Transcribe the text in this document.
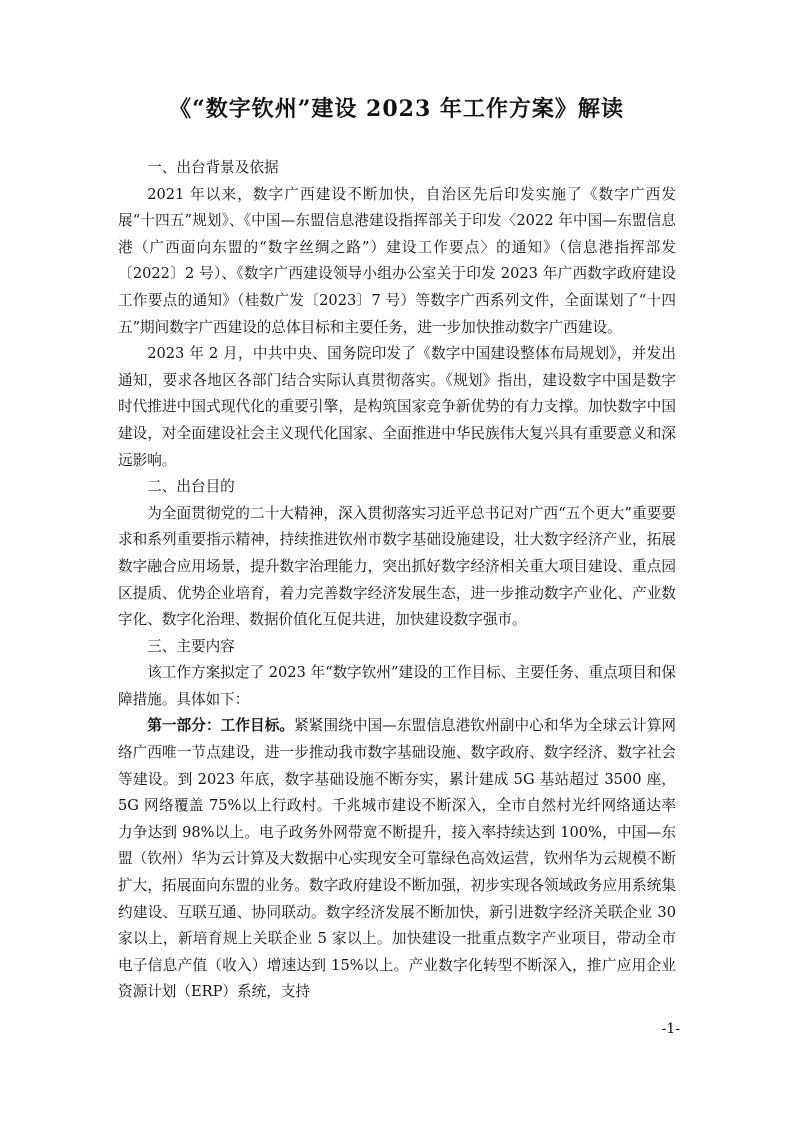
《“数字钦州”建设 2023 年工作方案》解读

一、出台背景及依据

2021 年以来，数字广西建设不断加快，自治区先后印发实施了《数字广西发展“十四五”规划》、《中国—东盟信息港建设指挥部关于印发〈2022 年中国—东盟信息港（广西面向东盟的“数字丝绸之路”）建设工作要点〉的通知》（信息港指挥部发〔2022〕2 号）、《数字广西建设领导小组办公室关于印发 2023 年广西数字政府建设工作要点的通知》（桂数广发〔2023〕7 号）等数字广西系列文件，全面谋划了“十四五”期间数字广西建设的总体目标和主要任务，进一步加快推动数字广西建设。

2023 年 2 月，中共中央、国务院印发了《数字中国建设整体布局规划》，并发出通知，要求各地区各部门结合实际认真贯彻落实。《规划》指出，建设数字中国是数字时代推进中国式现代化的重要引擎，是构筑国家竞争新优势的有力支撑。加快数字中国建设，对全面建设社会主义现代化国家、全面推进中华民族伟大复兴具有重要意义和深远影响。

二、出台目的

为全面贯彻党的二十大精神，深入贯彻落实习近平总书记对广西“五个更大”重要要求和系列重要指示精神，持续推进钦州市数字基础设施建设，壮大数字经济产业，拓展数字融合应用场景，提升数字治理能力，突出抓好数字经济相关重大项目建设、重点园区提质、优势企业培育，着力完善数字经济发展生态，进一步推动数字产业化、产业数字化、数字化治理、数据价值化互促共进，加快建设数字强市。

三、主要内容

该工作方案拟定了 2023 年“数字钦州”建设的工作目标、主要任务、重点项目和保障措施。具体如下：

第一部分：工作目标。紧紧围绕中国—东盟信息港钦州副中心和华为全球云计算网络广西唯一节点建设，进一步推动我市数字基础设施、数字政府、数字经济、数字社会等建设。到 2023 年底，数字基础设施不断夯实，累计建成 5G 基站超过 3500 座，5G 网络覆盖 75%以上行政村。千兆城市建设不断深入，全市自然村光纤网络通达率力争达到 98%以上。电子政务外网带宽不断提升，接入率持续达到 100%，中国—东盟（钦州）华为云计算及大数据中心实现安全可靠绿色高效运营，钦州华为云规模不断扩大，拓展面向东盟的业务。数字政府建设不断加强，初步实现各领域政务应用系统集约建设、互联互通、协同联动。数字经济发展不断加快，新引进数字经济关联企业 30 家以上，新培育规上关联企业 5 家以上。加快建设一批重点数字产业项目，带动全市电子信息产值（收入）增速达到 15%以上。产业数字化转型不断深入，推广应用企业资源计划（ERP）系统，支持

-1-
